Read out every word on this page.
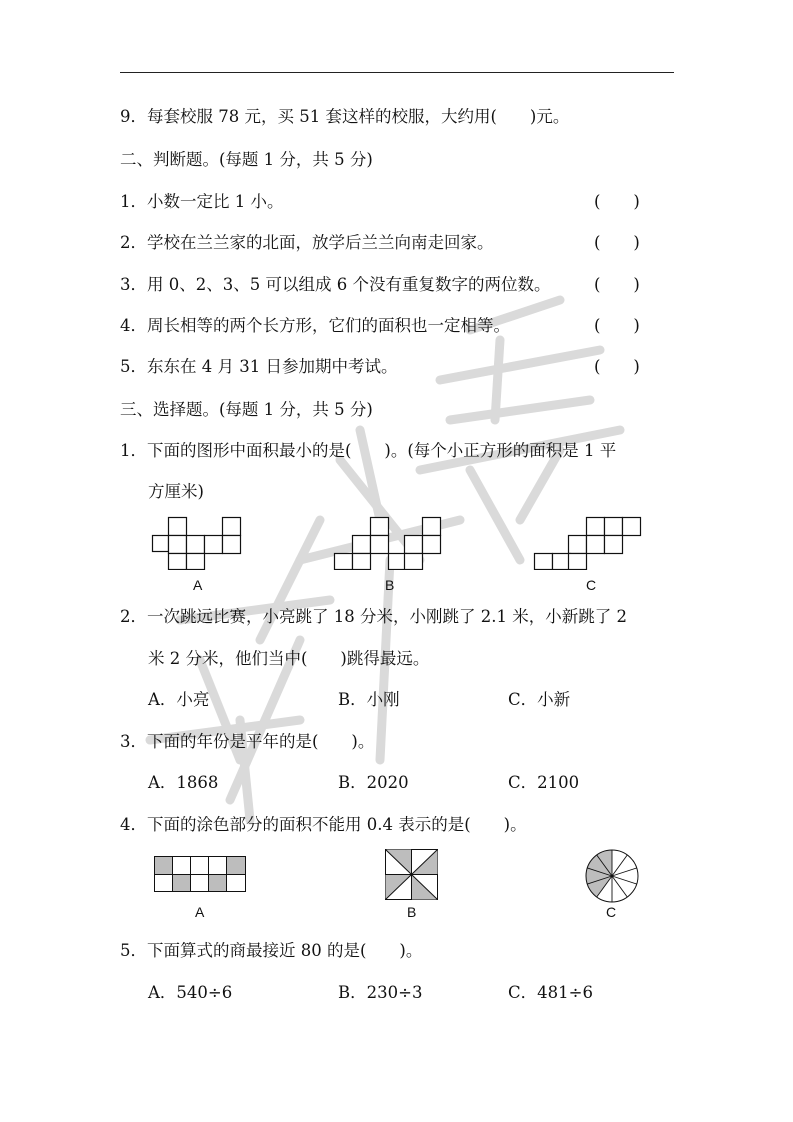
9．每套校服 78 元，买 51 套这样的校服，大约用(　　)元。
二、判断题。(每题 1 分，共 5 分)
1．小数一定比 1 小。	(　　)
2．学校在兰兰家的北面，放学后兰兰向南走回家。	(　　)
3．用 0、2、3、5 可以组成 6 个没有重复数字的两位数。	(　　)
4．周长相等的两个长方形，它们的面积也一定相等。	(　　)
5．东东在 4 月 31 日参加期中考试。	(　　)
三、选择题。(每题 1 分，共 5 分)
1．下面的图形中面积最小的是(　　)。(每个小正方形的面积是 1 平
方厘米)
A	B	C
2．一次跳远比赛，小亮跳了 18 分米，小刚跳了 2.1 米，小新跳了 2
米 2 分米，他们当中(　　)跳得最远。
A．小亮	B．小刚	C．小新
3．下面的年份是平年的是(　　)。
A．1868	B．2020	C．2100
4．下面的涂色部分的面积不能用 0.4 表示的是(　　)。
A	B	C
5．下面算式的商最接近 80 的是(　　)。
A．540÷6	B．230÷3	C．481÷6
